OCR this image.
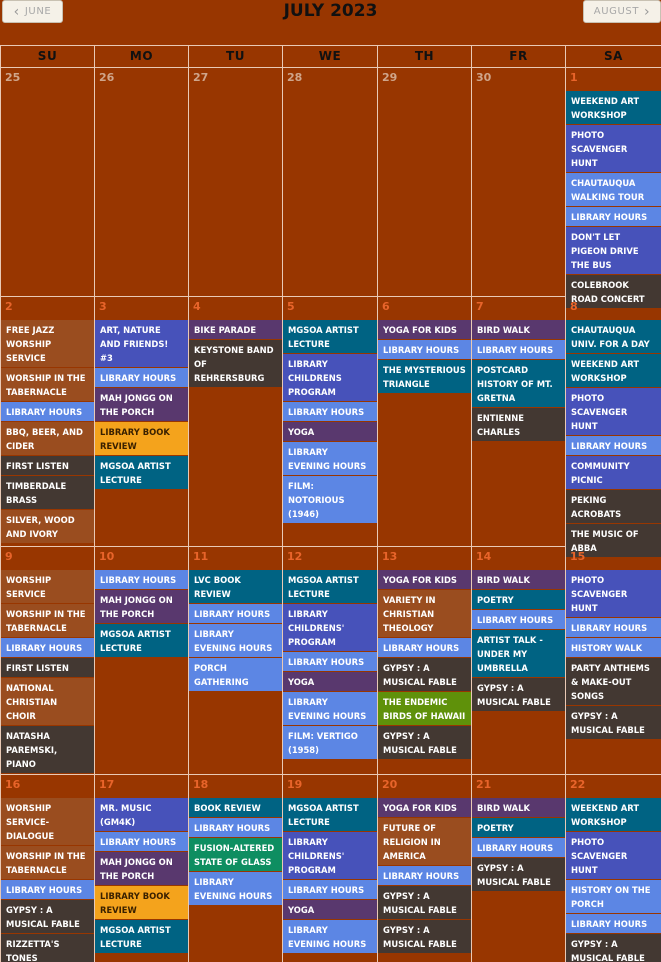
‹ JUNE	JULY 2023	AUGUST ›
SU	MO	TU	WE	TH	FR	SA
25	26	27	28	29	30	1
WEEKEND ART WORKSHOP
PHOTO SCAVENGER HUNT
CHAUTAUQUA WALKING TOUR
LIBRARY HOURS
DON'T LET PIGEON DRIVE THE BUS
COLEBROOK ROAD CONCERT
2
FREE JAZZ WORSHIP SERVICE
WORSHIP IN THE TABERNACLE
LIBRARY HOURS
BBQ, BEER, AND CIDER
FIRST LISTEN
TIMBERDALE BRASS
SILVER, WOOD AND IVORY
3
ART, NATURE AND FRIENDS! #3
LIBRARY HOURS
MAH JONGG ON THE PORCH
LIBRARY BOOK REVIEW
MGSOA ARTIST LECTURE
4
BIKE PARADE
KEYSTONE BAND OF REHRERSBURG
5
MGSOA ARTIST LECTURE
LIBRARY CHILDRENS PROGRAM
LIBRARY HOURS
YOGA
LIBRARY EVENING HOURS
FILM: NOTORIOUS (1946)
6
YOGA FOR KIDS
LIBRARY HOURS
THE MYSTERIOUS TRIANGLE
7
BIRD WALK
LIBRARY HOURS
POSTCARD HISTORY OF MT. GRETNA
ENTIENNE CHARLES
8
CHAUTAUQUA UNIV. FOR A DAY
WEEKEND ART WORKSHOP
PHOTO SCAVENGER HUNT
LIBRARY HOURS
COMMUNITY PICNIC
PEKING ACROBATS
THE MUSIC OF ABBA
9
WORSHIP SERVICE
WORSHIP IN THE TABERNACLE
LIBRARY HOURS
FIRST LISTEN
NATIONAL CHRISTIAN CHOIR
NATASHA PAREMSKI, PIANO
10
LIBRARY HOURS
MAH JONGG ON THE PORCH
MGSOA ARTIST LECTURE
11
LVC BOOK REVIEW
LIBRARY HOURS
LIBRARY EVENING HOURS
PORCH GATHERING
12
MGSOA ARTIST LECTURE
LIBRARY CHILDRENS' PROGRAM
LIBRARY HOURS
YOGA
LIBRARY EVENING HOURS
FILM: VERTIGO (1958)
13
YOGA FOR KIDS
VARIETY IN CHRISTIAN THEOLOGY
LIBRARY HOURS
GYPSY : A MUSICAL FABLE
THE ENDEMIC BIRDS OF HAWAII
GYPSY : A MUSICAL FABLE
14
BIRD WALK
POETRY
LIBRARY HOURS
ARTIST TALK - UNDER MY UMBRELLA
GYPSY : A MUSICAL FABLE
15
PHOTO SCAVENGER HUNT
LIBRARY HOURS
HISTORY WALK
PARTY ANTHEMS & MAKE-OUT SONGS
GYPSY : A MUSICAL FABLE
16
WORSHIP SERVICE-DIALOGUE
WORSHIP IN THE TABERNACLE
LIBRARY HOURS
GYPSY : A MUSICAL FABLE
RIZZETTA'S TONES
17
MR. MUSIC (GM4K)
LIBRARY HOURS
MAH JONGG ON THE PORCH
LIBRARY BOOK REVIEW
MGSOA ARTIST LECTURE
18
BOOK REVIEW
LIBRARY HOURS
FUSION-ALTERED STATE OF GLASS
LIBRARY EVENING HOURS
19
MGSOA ARTIST LECTURE
LIBRARY CHILDRENS' PROGRAM
LIBRARY HOURS
YOGA
LIBRARY EVENING HOURS
20
YOGA FOR KIDS
FUTURE OF RELIGION IN AMERICA
LIBRARY HOURS
GYPSY : A MUSICAL FABLE
GYPSY : A MUSICAL FABLE
21
BIRD WALK
POETRY
LIBRARY HOURS
GYPSY : A MUSICAL FABLE
22
WEEKEND ART WORKSHOP
PHOTO SCAVENGER HUNT
HISTORY ON THE PORCH
LIBRARY HOURS
GYPSY : A MUSICAL FABLE
